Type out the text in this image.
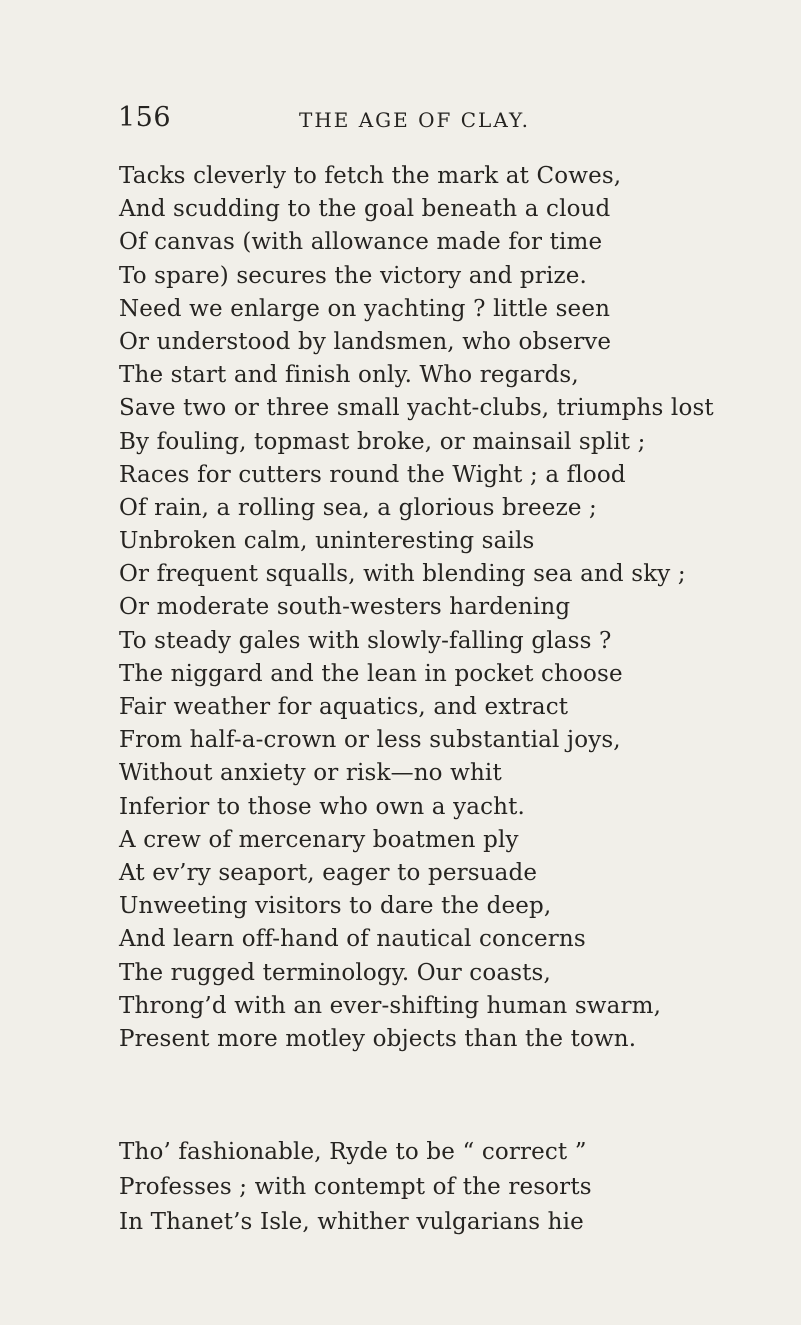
156	THE AGE OF CLAY.
Tacks cleverly to fetch the mark at Cowes,
And scudding to the goal beneath a cloud
Of canvas (with allowance made for time
To spare) secures the victory and prize.
Need we enlarge on yachting ? little seen
Or understood by landsmen, who observe
The start and finish only. Who regards,
Save two or three small yacht-clubs, triumphs lost
By fouling, topmast broke, or mainsail split ;
Races for cutters round the Wight ; a flood
Of rain, a rolling sea, a glorious breeze ;
Unbroken calm, uninteresting sails
Or frequent squalls, with blending sea and sky ;
Or moderate south-westers hardening
To steady gales with slowly-falling glass ?
The niggard and the lean in pocket choose
Fair weather for aquatics, and extract
From half-a-crown or less substantial joys,
Without anxiety or risk—no whit
Inferior to those who own a yacht.
A crew of mercenary boatmen ply
At ev’ry seaport, eager to persuade
Unweeting visitors to dare the deep,
And learn off-hand of nautical concerns
The rugged terminology. Our coasts,
Throng’d with an ever-shifting human swarm,
Present more motley objects than the town.
Tho’ fashionable, Ryde to be “ correct ”
Professes ; with contempt of the resorts
In Thanet’s Isle, whither vulgarians hie
